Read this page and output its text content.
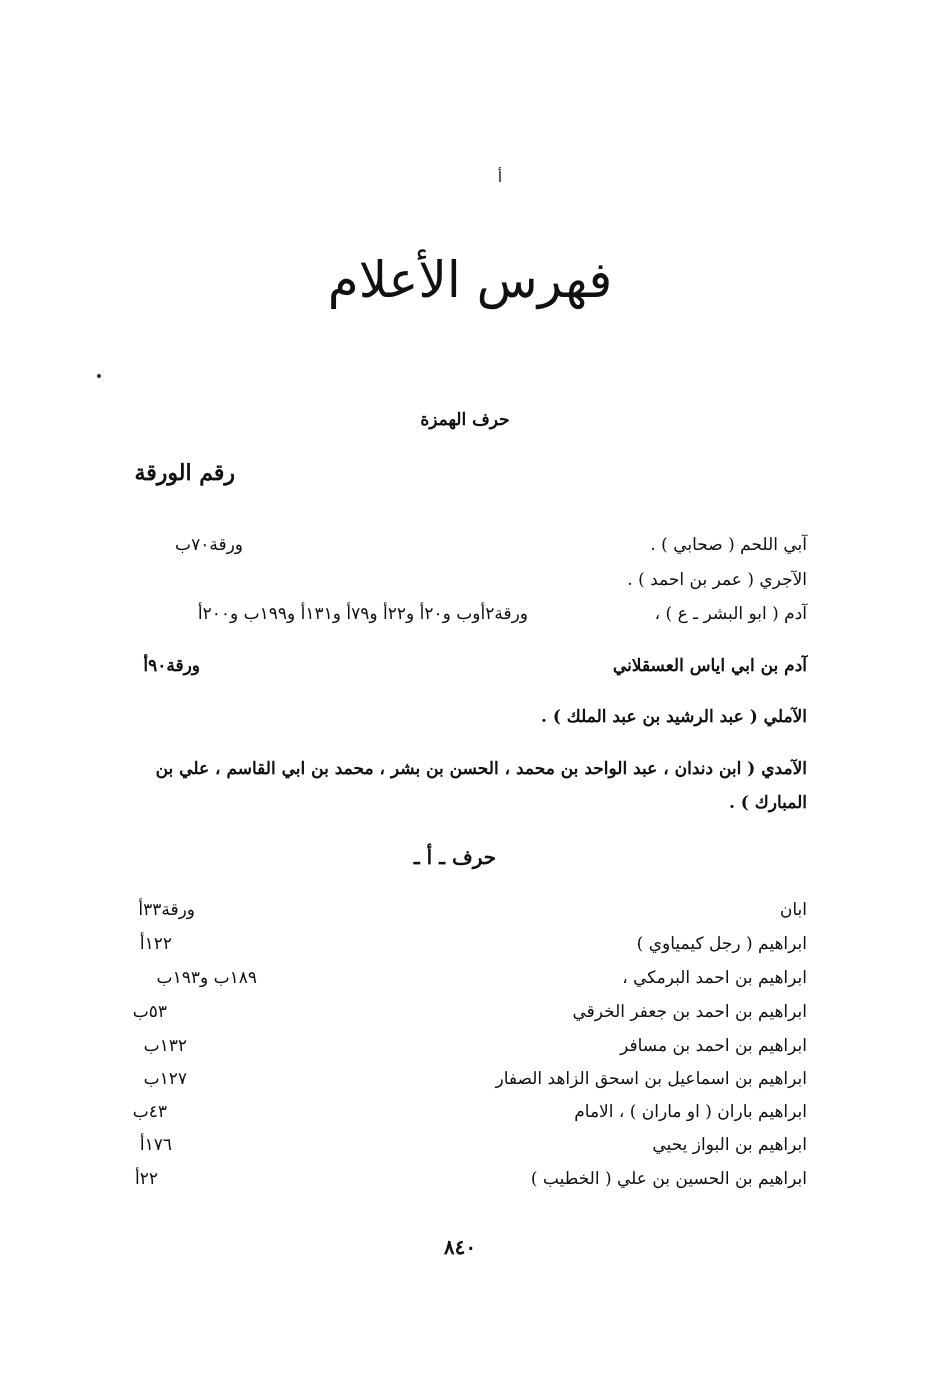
أ
فهرس الأعلام
حرف الهمزة
رقم الورقة
آبي اللحم ( صحابي ) .
ورقة٧٠ب
الآجري ( عمر بن احمد ) .
آدم ( ابو البشر ـ ع ) ،
ورقة٢أوب و٢٠أ و٢٢أ و٧٩أ و١٣١أ و١٩٩ب و٢٠٠أ
آدم بن ابي اياس العسقلاني
ورقة٩٠أ
الآملي ( عبد الرشيد بن عبد الملك ) .
الآمدي ( ابن دندان ، عبد الواحد بن محمد ، الحسن بن بشر ، محمد بن ابي القاسم ، علي بن المبارك ) .
حرف ـ أ ـ
ابان
ورقة٣٣أ
ابراهيم ( رجل كيمياوي )
١٢٢أ
ابراهيم بن احمد البرمكي ،
١٨٩ب و١٩٣ب
ابراهيم بن احمد بن جعفر الخرقي
٥٣ب
ابراهيم بن احمد بن مسافر
١٣٢ب
ابراهيم بن اسماعيل بن اسحق الزاهد الصفار
١٢٧ب
ابراهيم باران ( او ماران ) ، الامام
٤٣ب
ابراهيم بن البواز يحيي
١٧٦أ
ابراهيم بن الحسين بن علي ( الخطيب )
٢٢أ
٨٤٠
